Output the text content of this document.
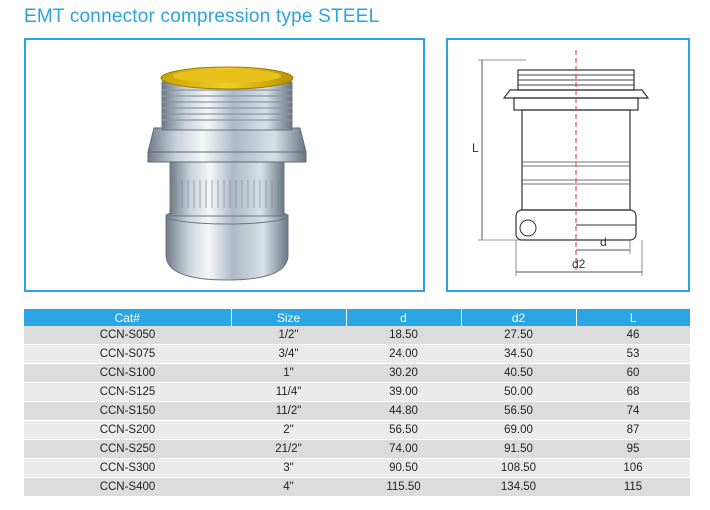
EMT connector compression type STEEL
L
d
d2
Cat#	Size	d	d2	L
CCN-S050	1/2"	18.50	27.50	46
CCN-S075	3/4"	24.00	34.50	53
CCN-S100	1"	30.20	40.50	60
CCN-S125	11/4"	39.00	50.00	68
CCN-S150	11/2"	44.80	56.50	74
CCN-S200	2"	56.50	69.00	87
CCN-S250	21/2"	74.00	91.50	95
CCN-S300	3"	90.50	108.50	106
CCN-S400	4"	115.50	134.50	115
